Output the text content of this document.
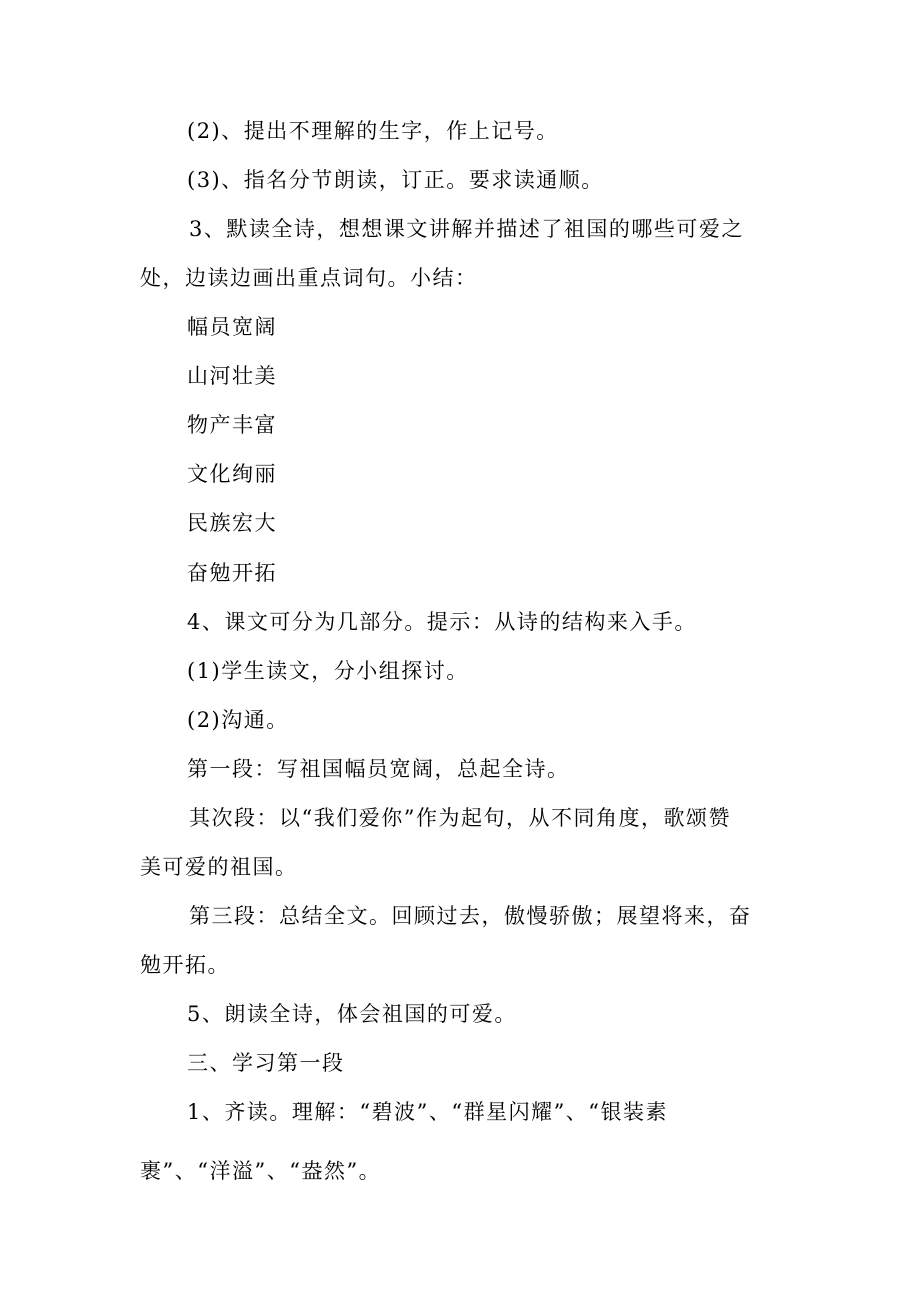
(2)、提出不理解的生字，作上记号。
(3)、指名分节朗读，订正。要求读通顺。
3、默读全诗，想想课文讲解并描述了祖国的哪些可爱之
处，边读边画出重点词句。小结：
幅员宽阔
山河壮美
物产丰富
文化绚丽
民族宏大
奋勉开拓
4、课文可分为几部分。提示：从诗的结构来入手。
(1)学生读文，分小组探讨。
(2)沟通。
第一段：写祖国幅员宽阔，总起全诗。
其次段：以“我们爱你”作为起句，从不同角度，歌颂赞
美可爱的祖国。
第三段：总结全文。回顾过去，傲慢骄傲；展望将来，奋
勉开拓。
5、朗读全诗，体会祖国的可爱。
三、学习第一段
1、齐读。理解：“碧波”、“群星闪耀”、“银装素
裹”、“洋溢”、“盎然”。
